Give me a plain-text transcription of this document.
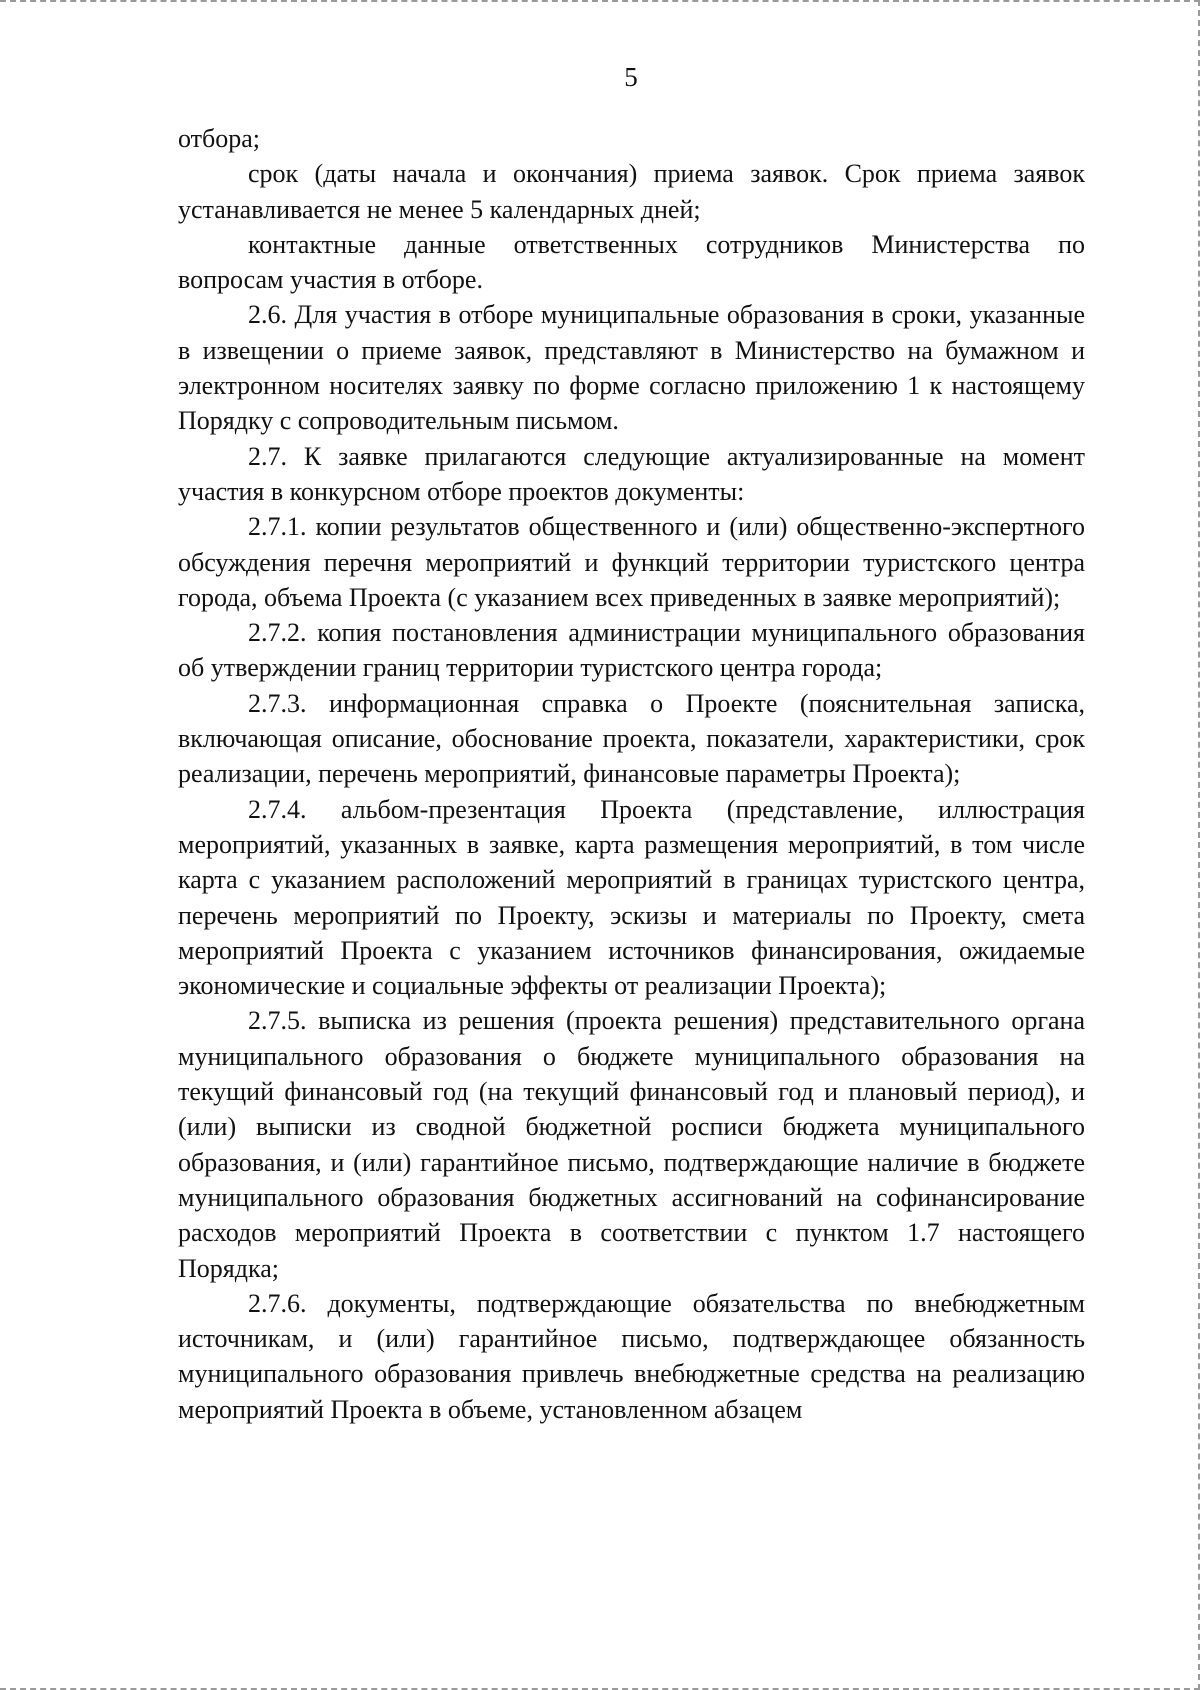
5

отбора;

срок (даты начала и окончания) приема заявок. Срок приема заявок устанавливается не менее 5 календарных дней;

контактные данные ответственных сотрудников Министерства по вопросам участия в отборе.

2.6. Для участия в отборе муниципальные образования в сроки, указанные в извещении о приеме заявок, представляют в Министерство на бумажном и электронном носителях заявку по форме согласно приложению 1 к настоящему Порядку с сопроводительным письмом.

2.7. К заявке прилагаются следующие актуализированные на момент участия в конкурсном отборе проектов документы:

2.7.1. копии результатов общественного и (или) общественно-экспертного обсуждения перечня мероприятий и функций территории туристского центра города, объема Проекта (с указанием всех приведенных в заявке мероприятий);

2.7.2. копия постановления администрации муниципального образования об утверждении границ территории туристского центра города;

2.7.3. информационная справка о Проекте (пояснительная записка, включающая описание, обоснование проекта, показатели, характеристики, срок реализации, перечень мероприятий, финансовые параметры Проекта);

2.7.4. альбом-презентация Проекта (представление, иллюстрация мероприятий, указанных в заявке, карта размещения мероприятий, в том числе карта с указанием расположений мероприятий в границах туристского центра, перечень мероприятий по Проекту, эскизы и материалы по Проекту, смета мероприятий Проекта с указанием источников финансирования, ожидаемые экономические и социальные эффекты от реализации Проекта);

2.7.5. выписка из решения (проекта решения) представительного органа муниципального образования о бюджете муниципального образования на текущий финансовый год (на текущий финансовый год и плановый период), и (или) выписки из сводной бюджетной росписи бюджета муниципального образования, и (или) гарантийное письмо, подтверждающие наличие в бюджете муниципального образования бюджетных ассигнований на софинансирование расходов мероприятий Проекта в соответствии с пунктом 1.7 настоящего Порядка;

2.7.6. документы, подтверждающие обязательства по внебюджетным источникам, и (или) гарантийное письмо, подтверждающее обязанность муниципального образования привлечь внебюджетные средства на реализацию мероприятий Проекта в объеме, установленном абзацем
